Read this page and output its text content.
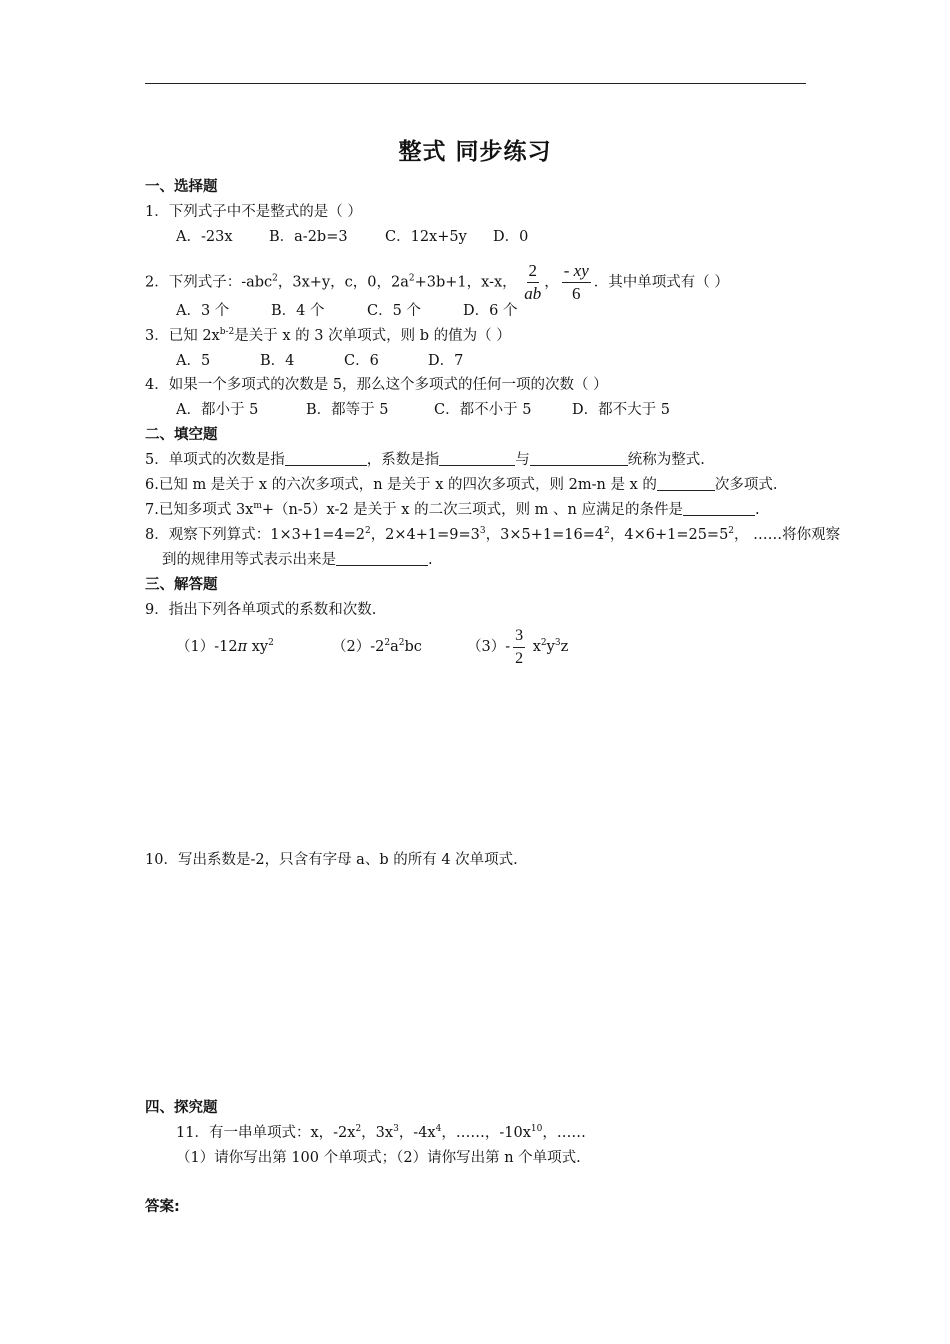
整式 同步练习
一、选择题
1．下列式子中不是整式的是（ ）
A．-23x	B．a-2b=3	C．12x+5y D．0
2．下列式子：-abc$^2$，3x+y，c，0，$2a^2+3b+1$，x-x， $\frac{2}{ab}$ ， $\frac{- xy}{6}$ ．其中单项式有（ ）
A．3 个	B．4 个	C．5 个	D．6 个
3．已知 $2x^{b-2}$是关于 x 的 3 次单项式，则 b 的值为（ ）
A．5	B．4	C．6	D．7
4．如果一个多项式的次数是 5，那么这个多项式的任何一项的次数（ ）
A．都小于 5	B．都等于 5	C．都不小于 5	D．都不大于 5
二、填空题
5．单项式的次数是指	，系数是指	与	统称为整式.
6.已知 m 是关于 x 的六次多项式，n 是关于 x 的四次多项式，则 2m-n 是 x 的	次多项式.
7.已知多项式 $3x^m+(n-5)x-2$ 是关于 x 的二次三项式，则 m 、n 应满足的条件是	.
8．观察下列算式：$1\times 3+1=4=2^2$，$2\times 4+1=9=3^3$，$3\times 5+1=16=4^2$，$4\times 6+1=25=5^2$， ……将你观察
到的规律用等式表示出来是	.
三、解答题
9．指出下列各单项式的系数和次数.
（1）-12π $xy^2$	$(2)-2^2a^2bc$	$(3)- \frac{3}{2} x^2y^3z$
10．写出系数是-2，只含有字母 a、b 的所有 4 次单项式.
四、探究题
11．有一串单项式：x，$-2x^2$，$3x^3$，$-4x^4$，……，$-10x^{10}$，……
（1）请你写出第 100 个单项式；（2）请你写出第 n 个单项式.
答案:
